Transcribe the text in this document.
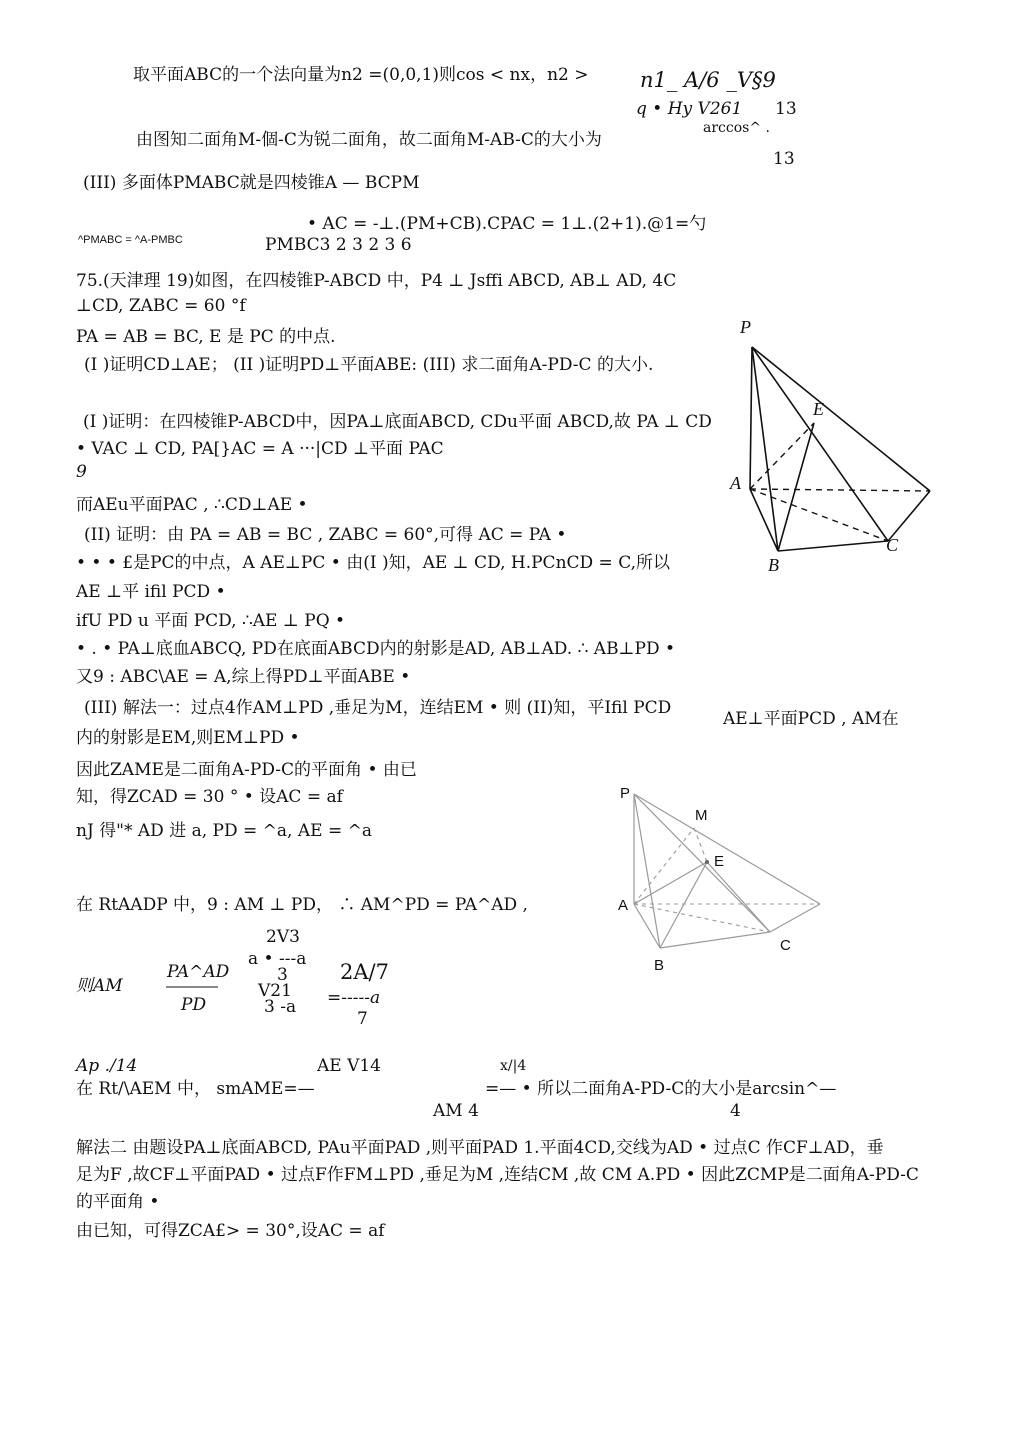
取平面ABC的一个法向量为n2 =(0,0,1)则cos < nx，n2 > n1_ A/6 _V§9
q • Hy V261 13
arccos^ .
由图知二面角M-個-C为锐二面角，故二面角M-AB-C的大小为
13
(III) 多面体PMABC就是四棱锥A — BCPM
• AC = -⊥.(PM+CB).CPAC = 1⊥.(2+1).@1=勺
^PMABC = ^A-PMBC	PMBC3 2 3 2 3 6
75.(天津理 19)如图，在四棱锥P-ABCD 中，P4 ⊥ Jsffi ABCD, AB⊥ AD, 4C
⊥CD, ZABC = 60 °f
PA = AB = BC, E 是 PC 的中点.
(I )证明CD⊥AE； (II )证明PD⊥平面ABE: (III) 求二面角A-PD-C 的大小.
(I )证明：在四棱锥P-ABCD中，因PA⊥底面ABCD, CDu平面 ABCD,故 PA ⊥ CD
• VAC ⊥ CD, PA[}AC = A ···|CD ⊥平面 PAC
9
而AEu平面PAC , ∴CD⊥AE •
(II) 证明：由 PA = AB = BC , ZABC = 60°,可得 AC = PA •
• • • £是PC的中点，A AE⊥PC • 由(I )知，AE ⊥ CD, H.PCnCD = C,所以
AE ⊥平 ifil PCD •
ifU PD u 平面 PCD, ∴AE ⊥ PQ •
• . • PA⊥底血ABCQ, PD在底面ABCD内的射影是AD, AB⊥AD. ∴ AB⊥PD •
又9 : ABC\AE = A,综上得PD⊥平面ABE •
(III) 解法一：过点4作AM⊥PD ,垂足为M，连结EM • 则 (II)知，平Ifil PCD
AE⊥平面PCD , AM在
内的射影是EM,则EM⊥PD •
因此ZAME是二面角A-PD-C的平面角 • 由已
知，得ZCAD = 30 ° • 设AC = af
nJ 得"* AD 进 a, PD = ^a, AE = ^a
在 RtAADP 中，9 : AM ⊥ PD， ∴ AM^PD = PA^AD ,
2V3
a • ---a
3 2A/7
则AM
PA^AD
PD
V21 =-----a
3 -a
7
Ap ./14	AE V14	x/|4
在 Rt/\AEM 中， smAME=—	=— • 所以二面角A-PD-C的大小是arcsin^—
AM 4	4
解法二 由题设PA⊥底面ABCD, PAu平面PAD ,则平面PAD 1.平面4CD,交线为AD • 过点C 作CF⊥AD，垂
足为F ,故CF⊥平面PAD • 过点F作FM⊥PD ,垂足为M ,连结CM ,故 CM A.PD • 因此ZCMP是二面角A-PD-C
的平面角 •
由已知，可得ZCA£> = 30°,设AC = af
P
E
A
C
B
P
M
E
A
C
B
